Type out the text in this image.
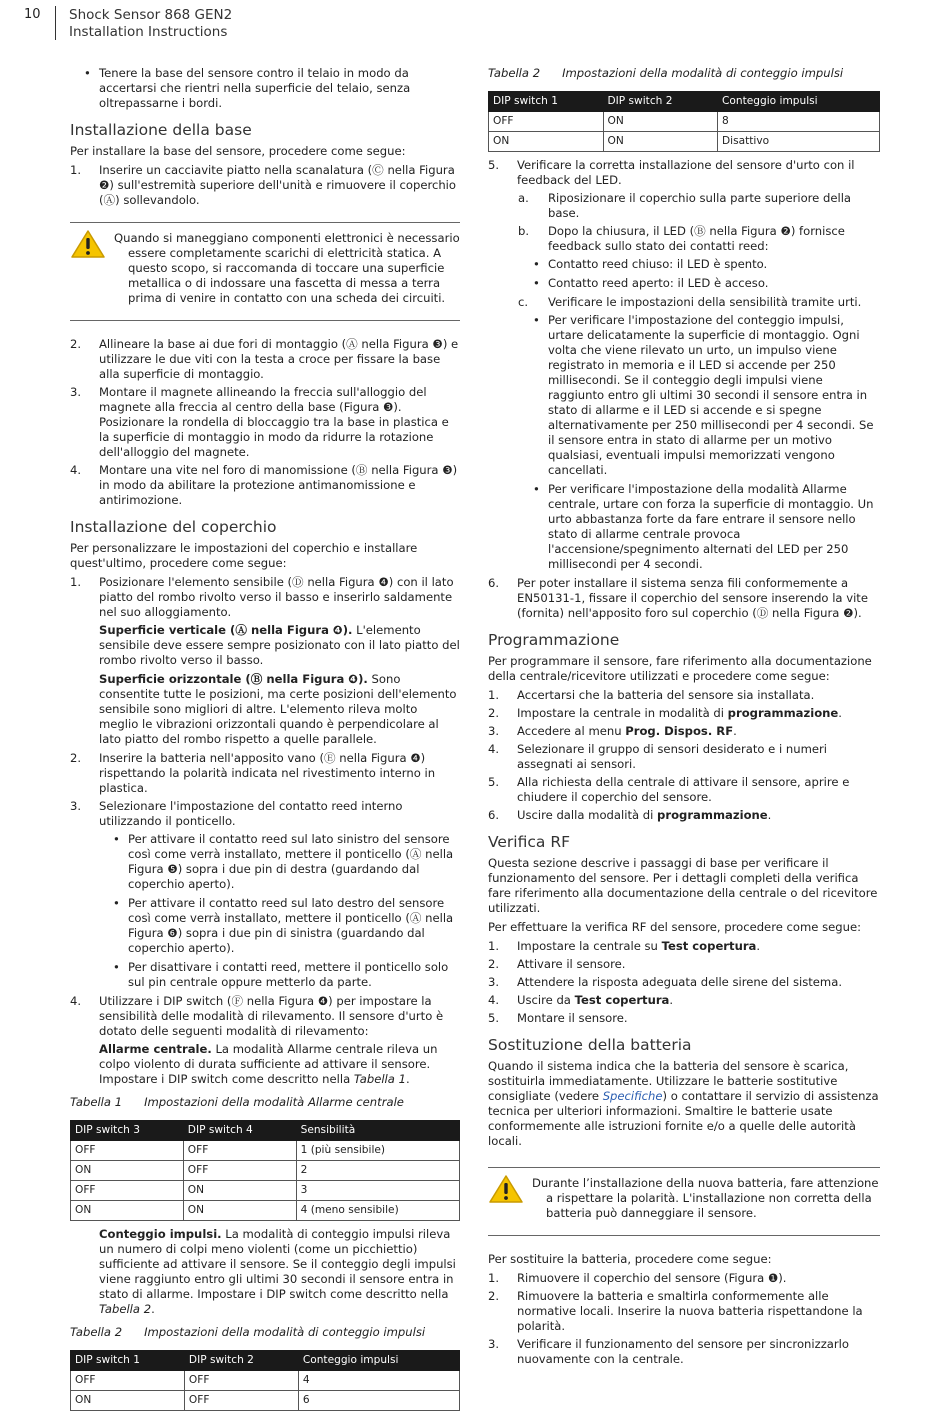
10 Shock Sensor 868 GEN2
Installation Instructions
• Tenere la base del sensore contro il telaio in modo da accertarsi che rientri nella superficie del telaio, senza oltrepassarne i bordi.
Installazione della base

Per installare la base del sensore, procedere come segue:

1. Inserire un cacciavite piatto nella scanalatura (Ⓒ nella Figura ❷) sull'estremità superiore dell'unità e rimuovere il coperchio (Ⓐ) sollevandolo.
Quando si maneggiano componenti elettronici è necessario essere completamente scarichi di elettricità statica. A questo scopo, si raccomanda di toccare una superficie metallica o di indossare una fascetta di messa a terra prima di venire in contatto con una scheda dei circuiti.
2. Allineare la base ai due fori di montaggio (Ⓐ nella Figura ❸) e utilizzare le due viti con la testa a croce per fissare la base alla superficie di montaggio.
3. Montare il magnete allineando la freccia sull'alloggio del magnete alla freccia al centro della base (Figura ❸). Posizionare la rondella di bloccaggio tra la base in plastica e la superficie di montaggio in modo da ridurre la rotazione dell'alloggio del magnete.
4. Montare una vite nel foro di manomissione (Ⓑ nella Figura ❸) in modo da abilitare la protezione antimanomissione e antirimozione.
Installazione del coperchio

Per personalizzare le impostazioni del coperchio e installare quest'ultimo, procedere come segue:

1. Posizionare l'elemento sensibile (Ⓓ nella Figura ❹) con il lato piatto del rombo rivolto verso il basso e inserirlo saldamente nel suo alloggiamento.
Superficie verticale (Ⓐ nella Figura ❹). L'elemento sensibile deve essere sempre posizionato con il lato piatto del rombo rivolto verso il basso.
Superficie orizzontale (Ⓑ nella Figura ❹). Sono consentite tutte le posizioni, ma certe posizioni dell'elemento sensibile sono migliori di altre. L'elemento rileva molto meglio le vibrazioni orizzontali quando è perpendicolare al lato piatto del rombo rispetto a quelle parallele.
2. Inserire la batteria nell'apposito vano (Ⓔ nella Figura ❹) rispettando la polarità indicata nel rivestimento interno in plastica.
3. Selezionare l'impostazione del contatto reed interno utilizzando il ponticello.
• Per attivare il contatto reed sul lato sinistro del sensore così come verrà installato, mettere il ponticello (Ⓐ nella Figura ❺) sopra i due pin di destra (guardando dal coperchio aperto).
• Per attivare il contatto reed sul lato destro del sensore così come verrà installato, mettere il ponticello (Ⓐ nella Figura ❻) sopra i due pin di sinistra (guardando dal coperchio aperto).
• Per disattivare i contatti reed, mettere il ponticello solo sul pin centrale oppure metterlo da parte.
4. Utilizzare i DIP switch (Ⓕ nella Figura ❹) per impostare la sensibilità delle modalità di rilevamento. Il sensore d'urto è dotato delle seguenti modalità di rilevamento:
Allarme centrale. La modalità Allarme centrale rileva un colpo violento di durata sufficiente ad attivare il sensore. Impostare i DIP switch come descritto nella Tabella 1.
Tabella 1 Impostazioni della modalità Allarme centrale
DIP switch 3	DIP switch 4	Sensibilità
OFF	OFF	1 (più sensibile)
ON	OFF	2
OFF	ON	3
ON	ON	4 (meno sensibile)
Conteggio impulsi. La modalità di conteggio impulsi rileva un numero di colpi meno violenti (come un picchiettio) sufficiente ad attivare il sensore. Se il conteggio degli impulsi viene raggiunto entro gli ultimi 30 secondi il sensore entra in stato di allarme. Impostare i DIP switch come descritto nella Tabella 2.
Tabella 2 Impostazioni della modalità di conteggio impulsi
DIP switch 1	DIP switch 2	Conteggio impulsi
OFF	OFF	4
ON	OFF	6
Tabella 2 Impostazioni della modalità di conteggio impulsi
DIP switch 1	DIP switch 2	Conteggio impulsi
OFF	ON	8
ON	ON	Disattivo
5. Verificare la corretta installazione del sensore d'urto con il feedback del LED.
a. Riposizionare il coperchio sulla parte superiore della base.
b. Dopo la chiusura, il LED (Ⓑ nella Figura ❷) fornisce feedback sullo stato dei contatti reed:
• Contatto reed chiuso: il LED è spento.
• Contatto reed aperto: il LED è acceso.
c. Verificare le impostazioni della sensibilità tramite urti.
• Per verificare l'impostazione del conteggio impulsi, urtare delicatamente la superficie di montaggio. Ogni volta che viene rilevato un urto, un impulso viene registrato in memoria e il LED si accende per 250 millisecondi. Se il conteggio degli impulsi viene raggiunto entro gli ultimi 30 secondi il sensore entra in stato di allarme e il LED si accende e si spegne alternativamente per 250 millisecondi per 4 secondi. Se il sensore entra in stato di allarme per un motivo qualsiasi, eventuali impulsi memorizzati vengono cancellati.
• Per verificare l'impostazione della modalità Allarme centrale, urtare con forza la superficie di montaggio. Un urto abbastanza forte da fare entrare il sensore nello stato di allarme centrale provoca l'accensione/spegnimento alternati del LED per 250 millisecondi per 4 secondi.
6. Per poter installare il sistema senza fili conformemente a EN50131-1, fissare il coperchio del sensore inserendo la vite (fornita) nell'apposito foro sul coperchio (Ⓓ nella Figura ❷).
Programmazione

Per programmare il sensore, fare riferimento alla documentazione della centrale/ricevitore utilizzati e procedere come segue:

1. Accertarsi che la batteria del sensore sia installata.
2. Impostare la centrale in modalità di programmazione.
3. Accedere al menu Prog. Dispos. RF.
4. Selezionare il gruppo di sensori desiderato e i numeri assegnati ai sensori.
5. Alla richiesta della centrale di attivare il sensore, aprire e chiudere il coperchio del sensore.
6. Uscire dalla modalità di programmazione.
Verifica RF

Questa sezione descrive i passaggi di base per verificare il funzionamento del sensore. Per i dettagli completi della verifica fare riferimento alla documentazione della centrale o del ricevitore utilizzati.

Per effettuare la verifica RF del sensore, procedere come segue:

1. Impostare la centrale su Test copertura.
2. Attivare il sensore.
3. Attendere la risposta adeguata delle sirene del sistema.
4. Uscire da Test copertura.
5. Montare il sensore.
Sostituzione della batteria

Quando il sistema indica che la batteria del sensore è scarica, sostituirla immediatamente. Utilizzare le batterie sostitutive consigliate (vedere Specifiche) o contattare il servizio di assistenza tecnica per ulteriori informazioni. Smaltire le batterie usate conformemente alle istruzioni fornite e/o a quelle delle autorità locali.

Durante l’installazione della nuova batteria, fare attenzione a rispettare la polarità. L'installazione non corretta della batteria può danneggiare il sensore.

Per sostituire la batteria, procedere come segue:

1. Rimuovere il coperchio del sensore (Figura ❶).
2. Rimuovere la batteria e smaltirla conformemente alle normative locali. Inserire la nuova batteria rispettandone la polarità.
3. Verificare il funzionamento del sensore per sincronizzarlo nuovamente con la centrale.
